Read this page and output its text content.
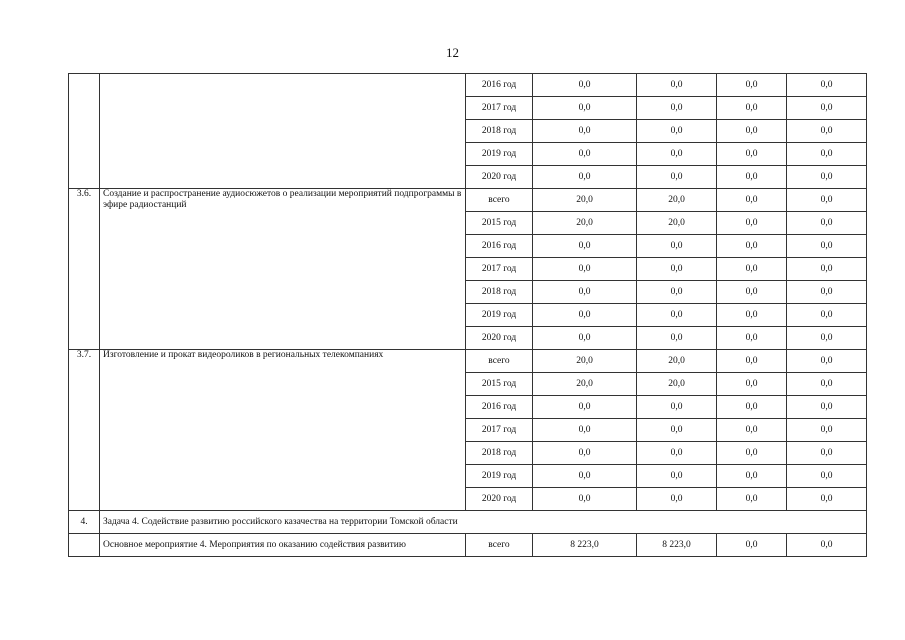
12
		2016 год	0,0	0,0	0,0	0,0
		2017 год	0,0	0,0	0,0	0,0
		2018 год	0,0	0,0	0,0	0,0
		2019 год	0,0	0,0	0,0	0,0
		2020 год	0,0	0,0	0,0	0,0
3.6.	Создание и распространение аудиосюжетов о реализации мероприятий подпрограммы в эфире радиостанций	всего	20,0	20,0	0,0	0,0
		2015 год	20,0	20,0	0,0	0,0
		2016 год	0,0	0,0	0,0	0,0
		2017 год	0,0	0,0	0,0	0,0
		2018 год	0,0	0,0	0,0	0,0
		2019 год	0,0	0,0	0,0	0,0
		2020 год	0,0	0,0	0,0	0,0
3.7.	Изготовление и прокат видеороликов в региональных телекомпаниях	всего	20,0	20,0	0,0	0,0
		2015 год	20,0	20,0	0,0	0,0
		2016 год	0,0	0,0	0,0	0,0
		2017 год	0,0	0,0	0,0	0,0
		2018 год	0,0	0,0	0,0	0,0
		2019 год	0,0	0,0	0,0	0,0
		2020 год	0,0	0,0	0,0	0,0
4.	Задача 4. Содействие развитию российского казачества на территории Томской области					
	Основное мероприятие 4. Мероприятия по оказанию содействия развитию	всего	8 223,0	8 223,0	0,0	0,0
